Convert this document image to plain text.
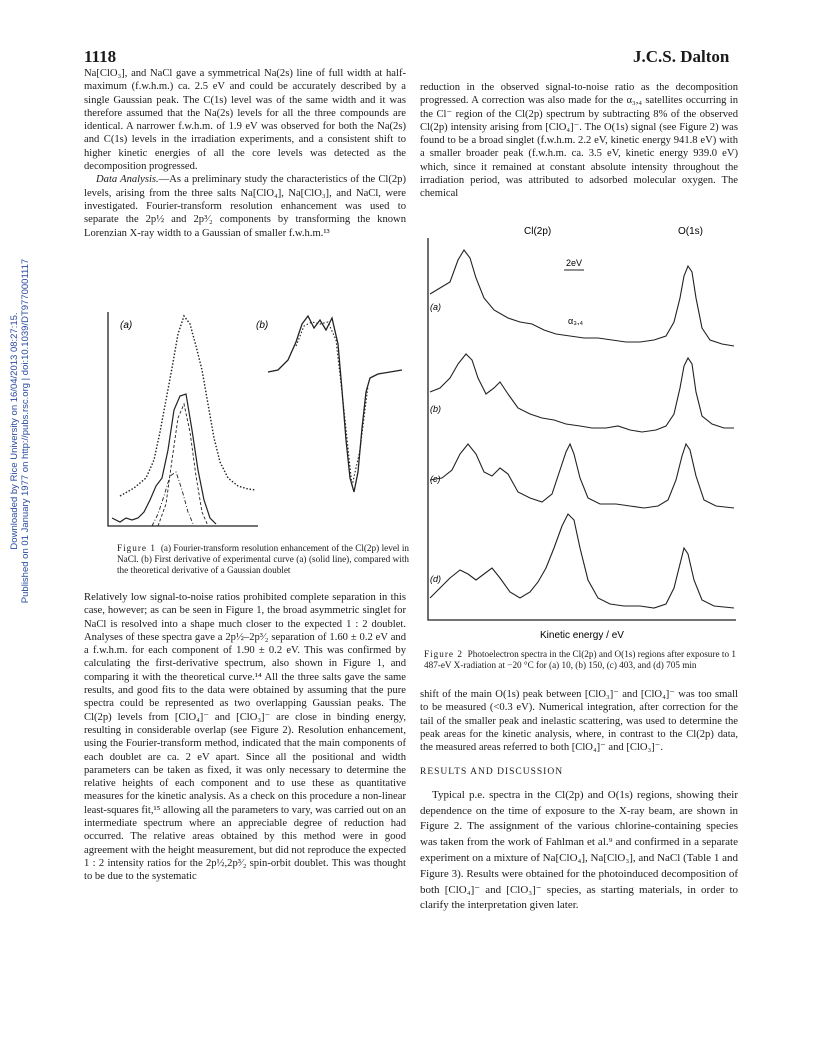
1118	J.C.S. Dalton
Downloaded by Rice University on 16/04/2013 08:27:15. Published on 01 January 1977 on http://pubs.rsc.org | doi:10.1039/DT9770001117

Na[ClO₃], and NaCl gave a symmetrical Na(2s) line of full width at half-maximum (f.w.h.m.) ca. 2.5 eV and could be accurately described by a single Gaussian peak. The C(1s) level was of the same width and it was therefore assumed that the Na(2s) levels for all the three compounds are identical. A narrower f.w.h.m. of 1.9 eV was observed for both the Na(2s) and C(1s) levels in the irradiation experiments, and a consistent shift to higher kinetic energies of all the core levels was detected as the decomposition progressed.

Data Analysis.—As a preliminary study the characteristics of the Cl(2p) levels, arising from the three salts Na[ClO₄], Na[ClO₃], and NaCl, were investigated. Fourier-transform resolution enhancement was used to separate the 2p½ and 2p³⁄₂ components by transforming the known Lorenzian X-ray width to a Gaussian of smaller f.w.h.m.¹³

(a)	(b)
Figure 1 (a) Fourier-transform resolution enhancement of the Cl(2p) level in NaCl. (b) First derivative of experimental curve (a) (solid line), compared with the theoretical derivative of a Gaussian doublet

Relatively low signal-to-noise ratios prohibited complete separation in this case, however; as can be seen in Figure 1, the broad asymmetric singlet for NaCl is resolved into a shape much closer to the expected 1 : 2 doublet. Analyses of these spectra gave a 2p½–2p³⁄₂ separation of 1.60 ± 0.2 eV and a f.w.h.m. for each component of 1.90 ± 0.2 eV. This was confirmed by calculating the first-derivative spectrum, also shown in Figure 1, and comparing it with the theoretical curve.¹⁴ All the three salts gave the same results, and good fits to the data were obtained by assuming that the pure spectra could be represented as two overlapping Gaussian peaks. The Cl(2p) levels from [ClO₄]⁻ and [ClO₃]⁻ are close in binding energy, resulting in considerable overlap (see Figure 2). Resolution enhancement, using the Fourier-transform method, indicated that the main components of each doublet are ca. 2 eV apart. Since all the positional and width parameters can be taken as fixed, it was only necessary to determine the relative heights of each component and to use these as quantitative measures for the kinetic analysis. As a check on this procedure a non-linear least-squares fit,¹⁵ allowing all the parameters to vary, was carried out on an intermediate spectrum where an appreciable degree of reduction had occurred. The relative areas obtained by this method were in good agreement with the height measurement, but did not reproduce the expected 1 : 2 intensity ratios for the 2p½,2p³⁄₂ spin-orbit doublet. This was thought to be due to the systematic

reduction in the observed signal-to-noise ratio as the decomposition progressed. A correction was also made for the α₃,₄ satellites occurring in the Cl⁻ region of the Cl(2p) spectrum by subtracting 8% of the observed Cl(2p) intensity arising from [ClO₄]⁻. The O(1s) signal (see Figure 2) was found to be a broad singlet (f.w.h.m. 2.2 eV, kinetic energy 941.8 eV) with a smaller broader peak (f.w.h.m. ca. 3.5 eV, kinetic energy 939.0 eV) which, since it remained at constant absolute intensity throughout the irradiation period, was attributed to adsorbed molecular oxygen. The chemical

Cl(2p)	O(1s)
2eV
α₃,₄
(a)
(b)
(c)
(d)
Kinetic energy / eV
Figure 2 Photoelectron spectra in the Cl(2p) and O(1s) regions after exposure to 1 487-eV X-radiation at −20 °C for (a) 10, (b) 150, (c) 403, and (d) 705 min

shift of the main O(1s) peak between [ClO₃]⁻ and [ClO₄]⁻ was too small to be measured (<0.3 eV). Numerical integration, after correction for the tail of the smaller peak and inelastic scattering, was used to determine the peak areas for the kinetic analysis, where, in contrast to the Cl(2p) data, the measured areas referred to both [ClO₄]⁻ and [ClO₃]⁻.

RESULTS AND DISCUSSION

Typical p.e. spectra in the Cl(2p) and O(1s) regions, showing their dependence on the time of exposure to the X-ray beam, are shown in Figure 2. The assignment of the various chlorine-containing species was taken from the work of Fahlman et al.⁹ and confirmed in a separate experiment on a mixture of Na[ClO₄], Na[ClO₃], and NaCl (Table 1 and Figure 3). Results were obtained for the photoinduced decomposition of both [ClO₄]⁻ and [ClO₃]⁻ species, as starting materials, in order to clarify the interpretation given later.
